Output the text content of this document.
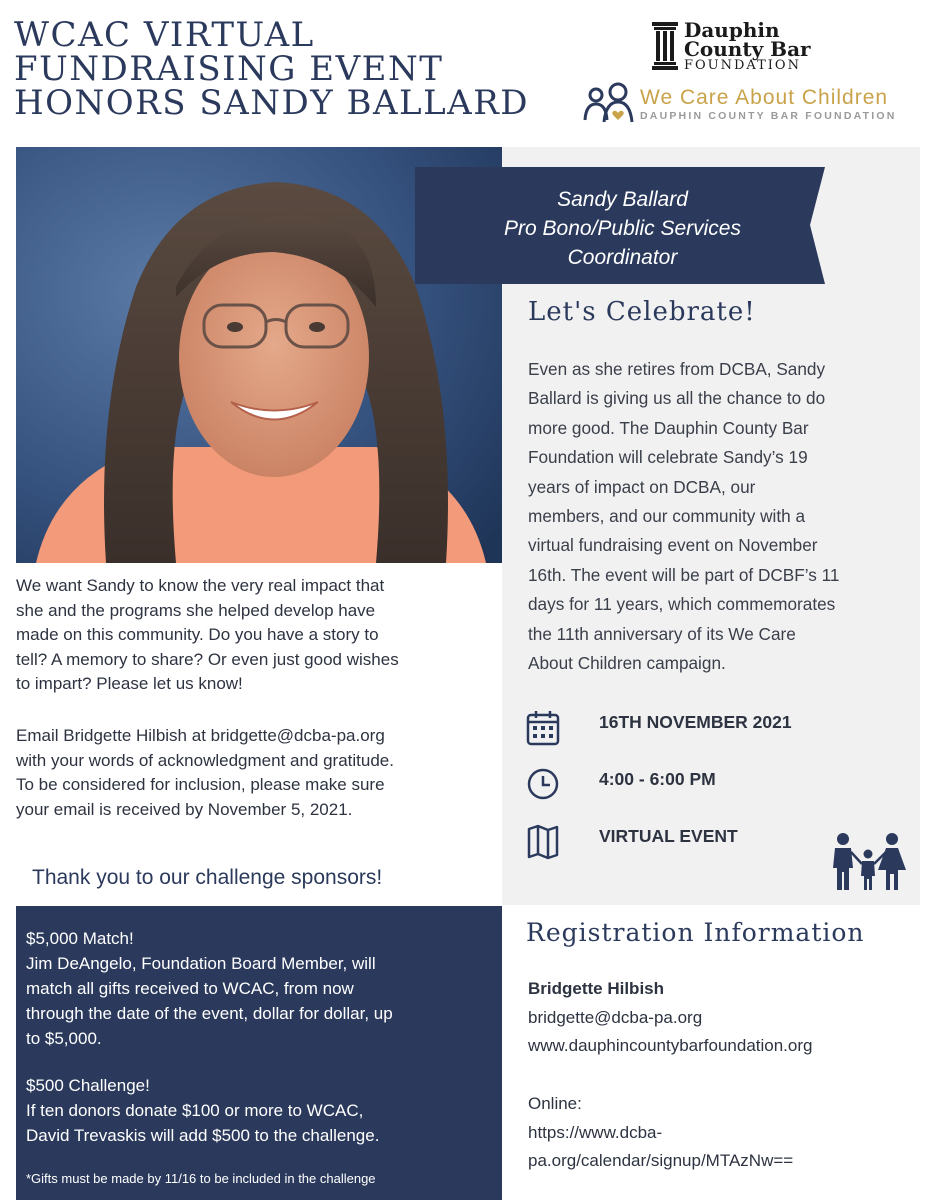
WCAC VIRTUAL
FUNDRAISING EVENT
HONORS SANDY BALLARD
Dauphin
County Bar
FOUNDATION
We Care About Children
DAUPHIN COUNTY BAR FOUNDATION
Sandy Ballard
Pro Bono/Public Services
Coordinator
Let's Celebrate!
Even as she retires from DCBA, Sandy
Ballard is giving us all the chance to do
more good. The Dauphin County Bar
Foundation will celebrate Sandy’s 19
years of impact on DCBA, our
members, and our community with a
virtual fundraising event on November
16th. The event will be part of DCBF’s 11
days for 11 years, which commemorates
the 11th anniversary of its We Care
About Children campaign.
16TH NOVEMBER 2021
4:00 - 6:00 PM
VIRTUAL EVENT
We want Sandy to know the very real impact that
she and the programs she helped develop have
made on this community. Do you have a story to
tell? A memory to share? Or even just good wishes
to impart? Please let us know!
Email Bridgette Hilbish at bridgette@dcba-pa.org
with your words of acknowledgment and gratitude.
To be considered for inclusion, please make sure
your email is received by November 5, 2021.
Thank you to our challenge sponsors!

$5,000 Match!
Jim DeAngelo, Foundation Board Member, will
match all gifts received to WCAC, from now
through the date of the event, dollar for dollar, up
to $5,000.

$500 Challenge!
If ten donors donate $100 or more to WCAC,
David Trevaskis will add $500 to the challenge.

*Gifts must be made by 11/16 to be included in the challenge

Registration Information
Bridgette Hilbish
bridgette@dcba-pa.org
www.dauphincountybarfoundation.org
Online:
https://www.dcba-
pa.org/calendar/signup/MTAzNw==
